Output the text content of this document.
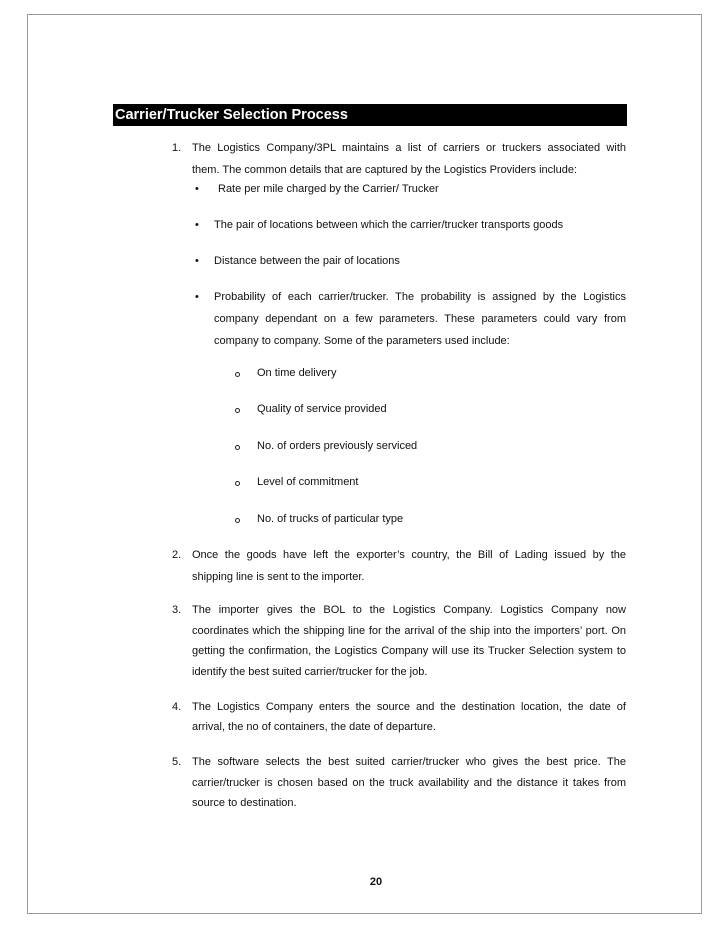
Carrier/Trucker Selection Process
1. The Logistics Company/3PL maintains a list of carriers or truckers associated with
them. The common details that are captured by the Logistics Providers include:
• Rate per mile charged by the Carrier/ Trucker
• The pair of locations between which the carrier/trucker transports goods
• Distance between the pair of locations
• Probability of each carrier/trucker. The probability is assigned by the Logistics
company dependant on a few parameters. These parameters could vary from
company to company. Some of the parameters used include:
On time delivery
Quality of service provided
No. of orders previously serviced
Level of commitment
No. of trucks of particular type
2. Once the goods have left the exporter’s country, the Bill of Lading issued by the
shipping line is sent to the importer.
3. The importer gives the BOL to the Logistics Company. Logistics Company now
coordinates which the shipping line for the arrival of the ship into the importers’ port. On
getting the confirmation, the Logistics Company will use its Trucker Selection system to
identify the best suited carrier/trucker for the job.
4. The Logistics Company enters the source and the destination location, the date of
arrival, the no of containers, the date of departure.
5. The software selects the best suited carrier/trucker who gives the best price. The
carrier/trucker is chosen based on the truck availability and the distance it takes from
source to destination.
20
